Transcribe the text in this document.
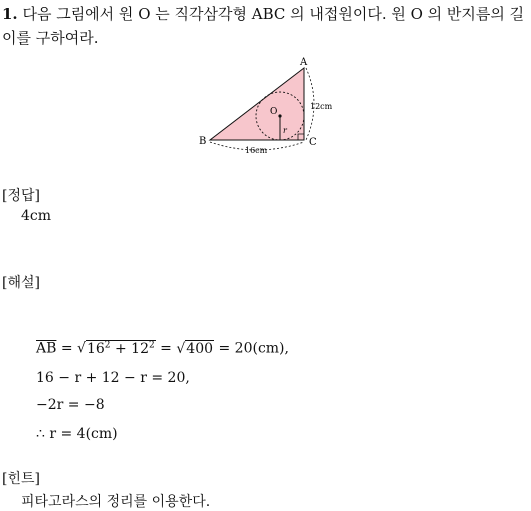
1. 다음 그림에서 원 O 는 직각삼각형 ABC 의 내접원이다. 원 O 의 반지름의 길이를 구하여라.
A
B	C
O
r
16cm
12cm
[정답]
4cm
[해설]
$\overline{AB} = √16^2 + 12^2 = √400 = 20(cm)$,
16 − r + 12 − r = 20,
−2r = −8
∴ r = 4(cm)
[힌트]
피타고라스의 정리를 이용한다.
